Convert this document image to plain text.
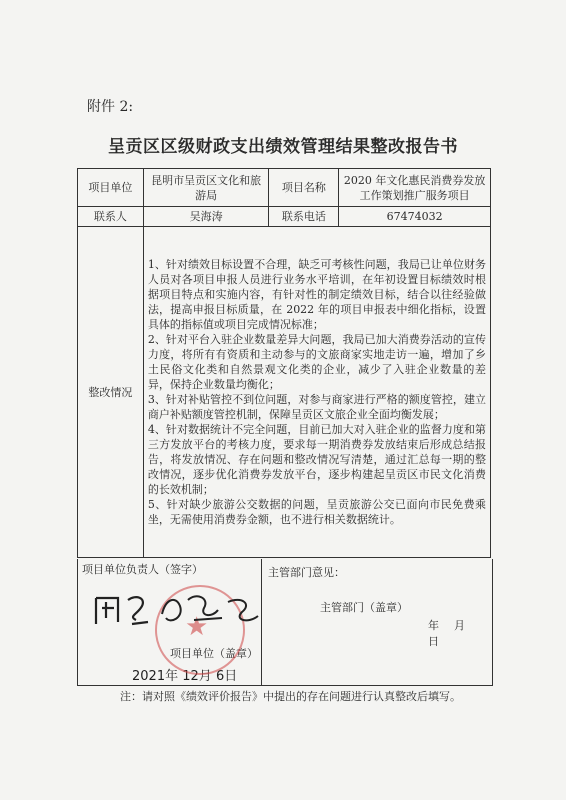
附件 2:
呈贡区区级财政支出绩效管理结果整改报告书
项目单位	昆明市呈贡区文化和旅游局	项目名称	2020 年文化惠民消费券发放工作策划推广服务项目
联系人	吴海涛	联系电话	67474032
整改情况	1、针对绩效目标设置不合理，缺乏可考核性问题，我局已让单位财务人员对各项目申报人员进行业务水平培训，在年初设置目标绩效时根据项目特点和实施内容，有针对性的制定绩效目标，结合以往经验做法，提高申报目标质量，在 2022 年的项目申报表中细化指标，设置具体的指标值或项目完成情况标准；
2、针对平台入驻企业数量差异大问题，我局已加大消费券活动的宣传力度，将所有有资质和主动参与的文旅商家实地走访一遍，增加了乡土民俗文化类和自然景观文化类的企业，减少了入驻企业数量的差异，保持企业数量均衡化；
3、针对补贴管控不到位问题，对参与商家进行严格的额度管控，建立商户补贴额度管控机制，保障呈贡区文旅企业全面均衡发展；
4、针对数据统计不完全问题，目前已加大对入驻企业的监督力度和第三方发放平台的考核力度，要求每一期消费券发放结束后形成总结报告，将发放情况、存在问题和整改情况写清楚，通过汇总每一期的整改情况，逐步优化消费券发放平台，逐步构建起呈贡区市民文化消费的长效机制；
5、针对缺少旅游公交数据的问题，呈贡旅游公交已面向市民免费乘坐，无需使用消费券金额，也不进行相关数据统计。		
项目单位负责人（签字）	主管部门意见：
主管部门（盖章）
年　月　日
项目单位（盖章）
2021年 12月 6日
★
注：请对照《绩效评价报告》中提出的存在问题进行认真整改后填写。
